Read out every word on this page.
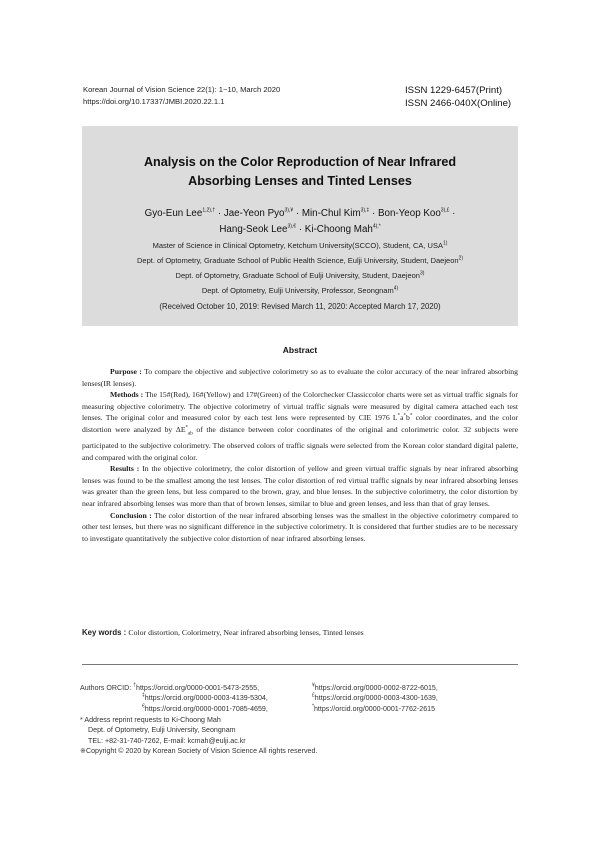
Korean Journal of Vision Science 22(1): 1~10, March 2020
https://doi.org/10.17337/JMBI.2020.22.1.1
ISSN 1229-6457(Print)
ISSN 2466-040X(Online)
Analysis on the Color Reproduction of Near Infrared
Absorbing Lenses and Tinted Lenses
Gyo-Eun Lee$^{1,2),\dagger}$ · Jae-Yeon Pyo$^{3),¥}$ · Min-Chul Kim$^{3),\ddagger}$ · Bon-Yeop Koo$^{3),£}$ ·
Hang-Seok Lee$^{3),€}$ · Ki-Choong Mah$^{4),*}$
Master of Science in Clinical Optometry, Ketchum University(SCCO), Student, CA, USA$^{1)}$
Dept. of Optometry, Graduate School of Public Health Science, Eulji University, Student, Daejeon$^{2)}$
Dept. of Optometry, Graduate School of Eulji University, Student, Daejeon$^{3)}$
Dept. of Optometry, Eulji University, Professor, Seongnam$^{4)}$
(Received October 10, 2019: Revised March 11, 2020: Accepted March 17, 2020)
Abstract

Purpose : To compare the objective and subjective colorimetry so as to evaluate the color accuracy of the near infrared absorbing lenses(IR lenses).

Methods : The 15#(Red), 16#(Yellow) and 17#(Green) of the Colorchecker Classiccolor charts were set as virtual traffic signals for measuring objective colorimetry. The objective colorimetry of virtual traffic signals were measured by digital camera attached each test lenses. The original color and measured color by each test lens were represented by CIE 1976 L*a*b* color coordinates, and the color distortion were analyzed by $\Delta E^*_{ab}$ of the distance between color coordinates of the original and colorimetric color. 32 subjects were participated to the subjective colorimetry. The observed colors of traffic signals were selected from the Korean color standard digital palette, and compared with the original color.

Results : In the objective colorimetry, the color distortion of yellow and green virtual traffic signals by near infrared absorbing lenses was found to be the smallest among the test lenses. The color distortion of red virtual traffic signals by near infrared absorbing lenses was greater than the green lens, but less compared to the brown, gray, and blue lenses. In the subjective colorimetry, the color distortion by near infrared absorbing lenses was more than that of brown lenses, similar to blue and green lenses, and less than that of gray lenses.

Conclusion : The color distortion of the near infrared absorbing lenses was the smallest in the objective colorimetry compared to other test lenses, but there was no significant difference in the subjective colorimetry. It is considered that further studies are to be necessary to investigate quantitatively the subjective color distortion of near infrared absorbing lenses.

Key words : Color distortion, Colorimetry, Near infrared absorbing lenses, Tinted lenses
Authors ORCID: †https://orcid.org/0000-0001-5473-2555,
‡https://orcid.org/0000-0003-4139-5304,
€https://orcid.org/0000-0001-7085-4659,
¥https://orcid.org/0000-0002-8722-6015,
£https://orcid.org/0000-0003-4300-1639,
*https://orcid.org/0000-0001-7762-2615
* Address reprint requests to Ki-Choong Mah
Dept. of Optometry, Eulji University, Seongnam
TEL: +82-31-740-7262, E-mail: kcmah@eulji.ac.kr
※Copyright © 2020 by Korean Society of Vision Science All rights reserved.
